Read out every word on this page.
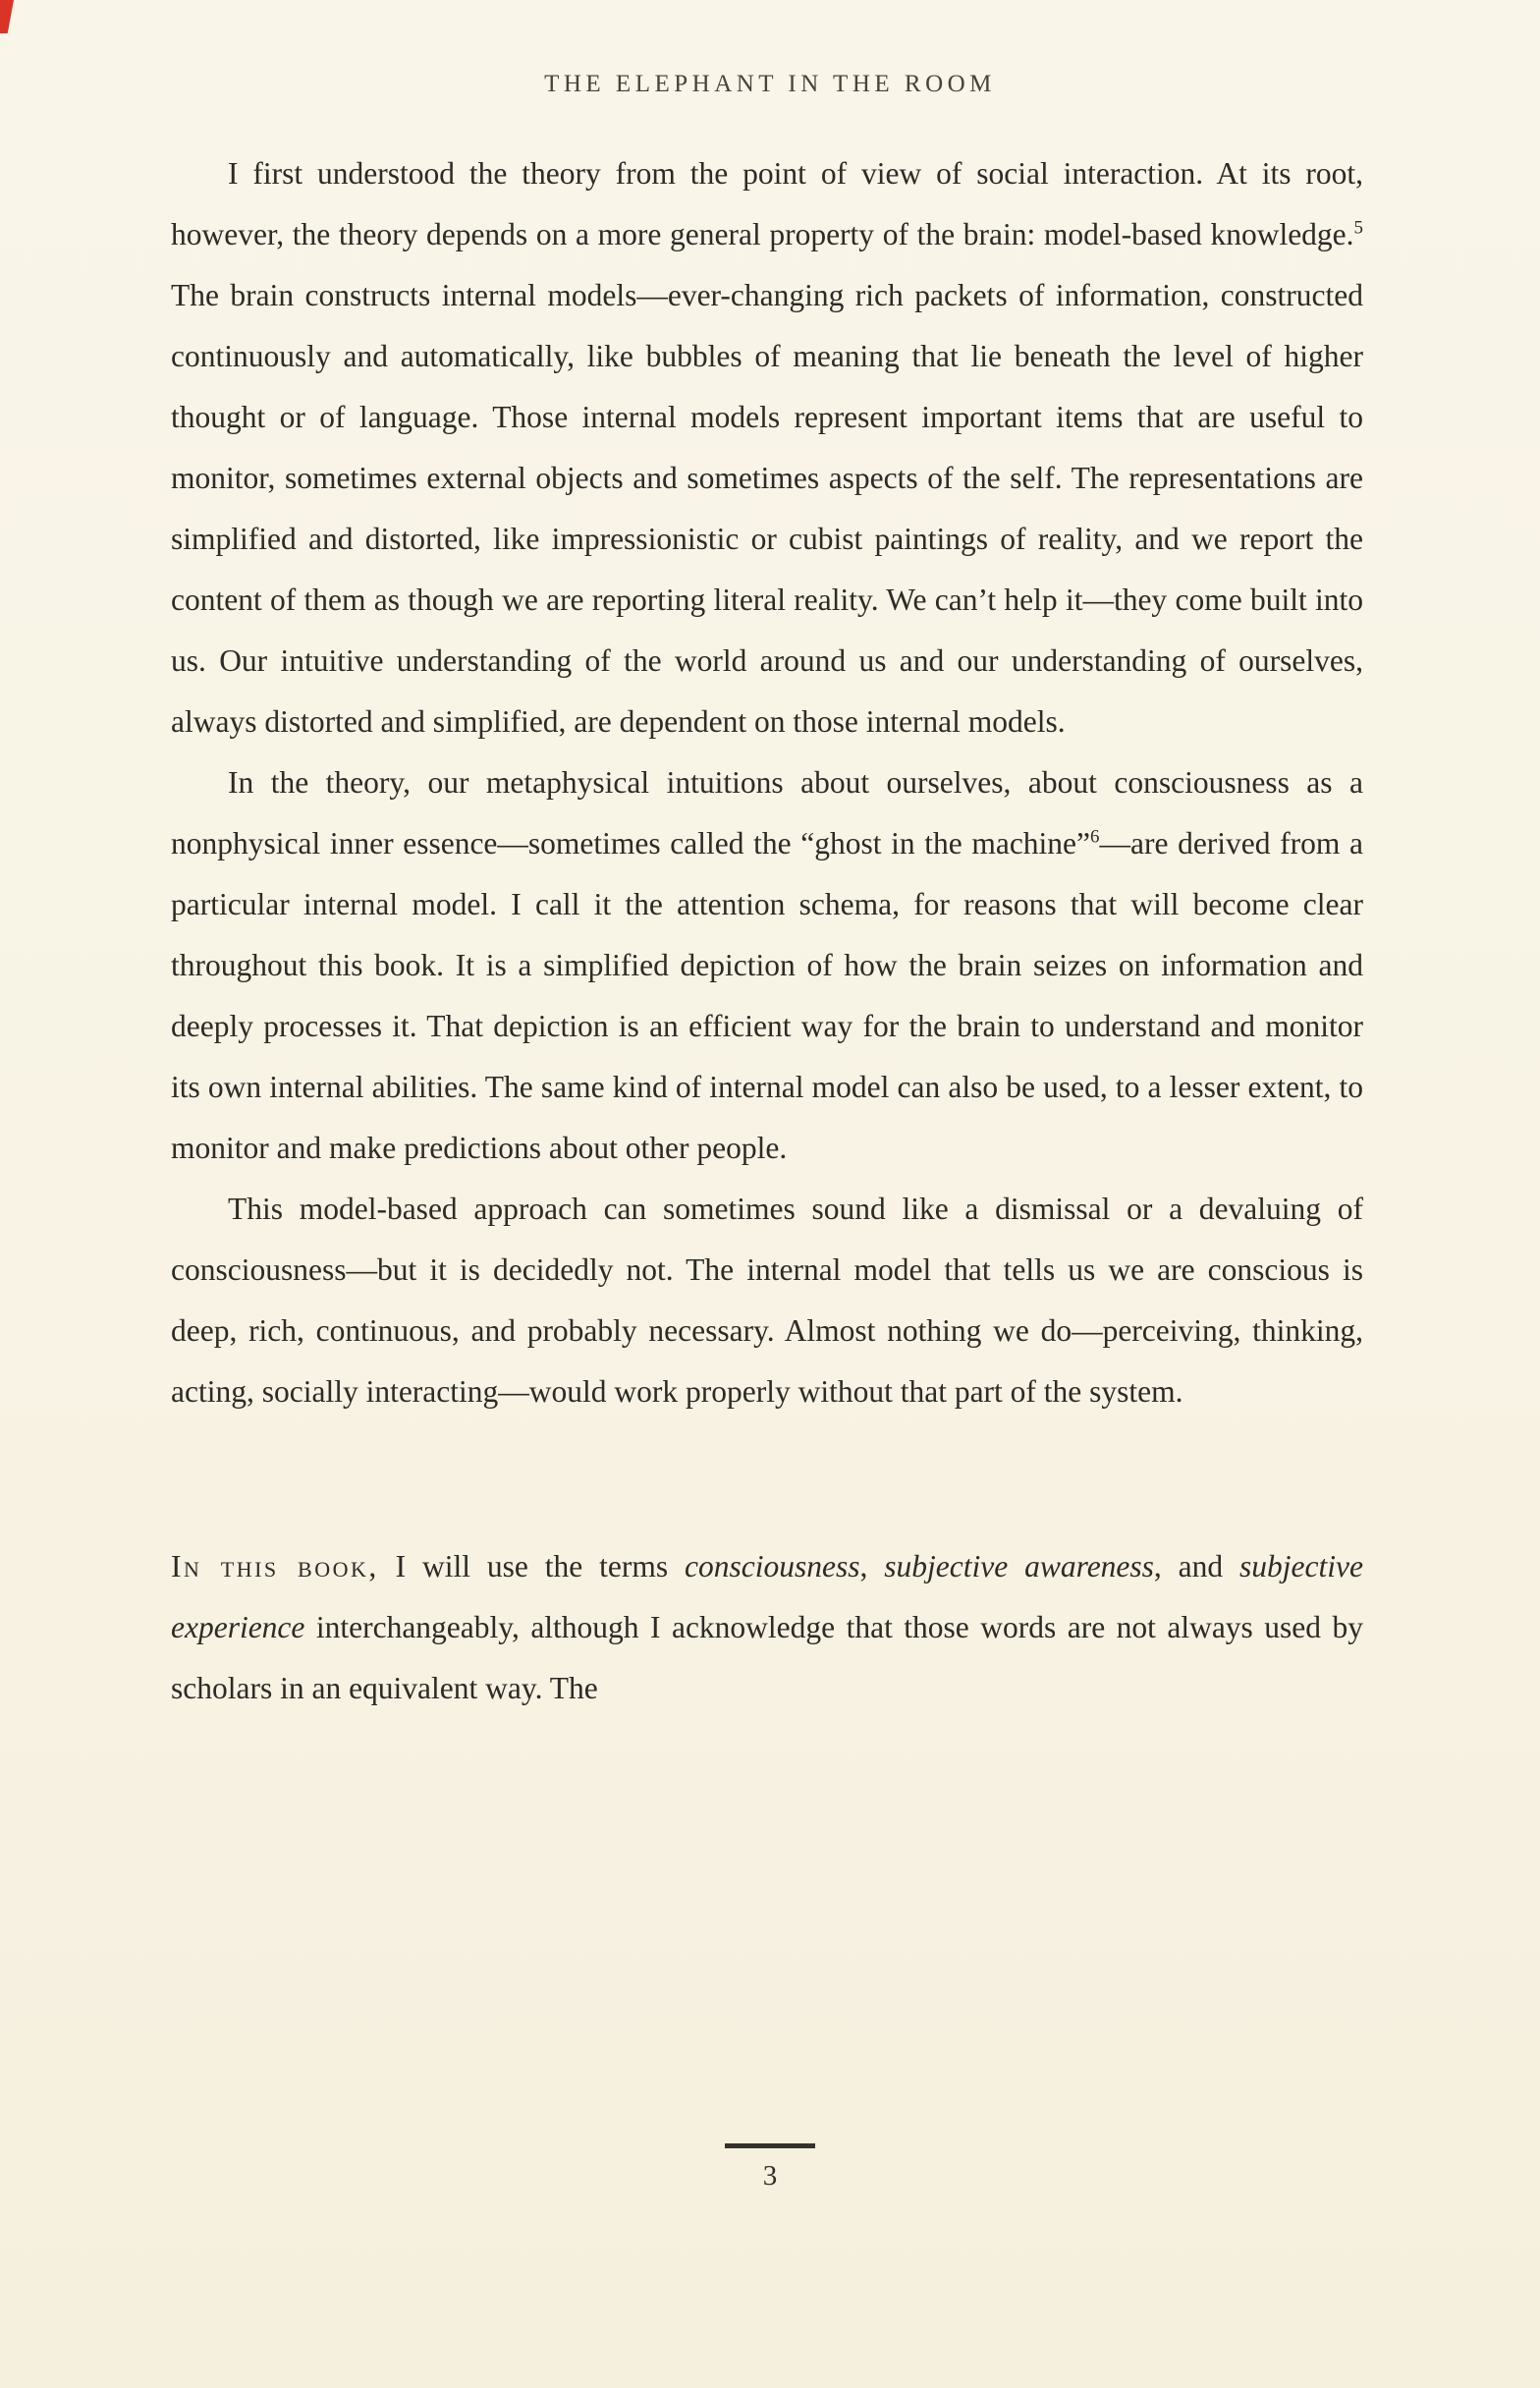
THE ELEPHANT IN THE ROOM

I first understood the theory from the point of view of social interaction. At its root, however, the theory depends on a more general property of the brain: model-based knowledge.$^5$ The brain constructs internal models—ever-changing rich packets of information, constructed continuously and automatically, like bubbles of meaning that lie beneath the level of higher thought or of language. Those internal models represent important items that are useful to monitor, sometimes external objects and sometimes aspects of the self. The representations are simplified and distorted, like impressionistic or cubist paintings of reality, and we report the content of them as though we are reporting literal reality. We can’t help it—they come built into us. Our intuitive understanding of the world around us and our understanding of ourselves, always distorted and simplified, are dependent on those internal models.

In the theory, our metaphysical intuitions about ourselves, about consciousness as a nonphysical inner essence—sometimes called the “ghost in the machine”$^6$—are derived from a particular internal model. I call it the attention schema, for reasons that will become clear throughout this book. It is a simplified depiction of how the brain seizes on information and deeply processes it. That depiction is an efficient way for the brain to understand and monitor its own internal abilities. The same kind of internal model can also be used, to a lesser extent, to monitor and make predictions about other people.

This model-based approach can sometimes sound like a dismissal or a devaluing of consciousness—but it is decidedly not. The internal model that tells us we are conscious is deep, rich, continuous, and probably necessary. Almost nothing we do—perceiving, thinking, acting, socially interacting—would work properly without that part of the system.

In this book, I will use the terms consciousness, subjective awareness, and subjective experience interchangeably, although I acknowledge that those words are not always used by scholars in an equivalent way. The

3
